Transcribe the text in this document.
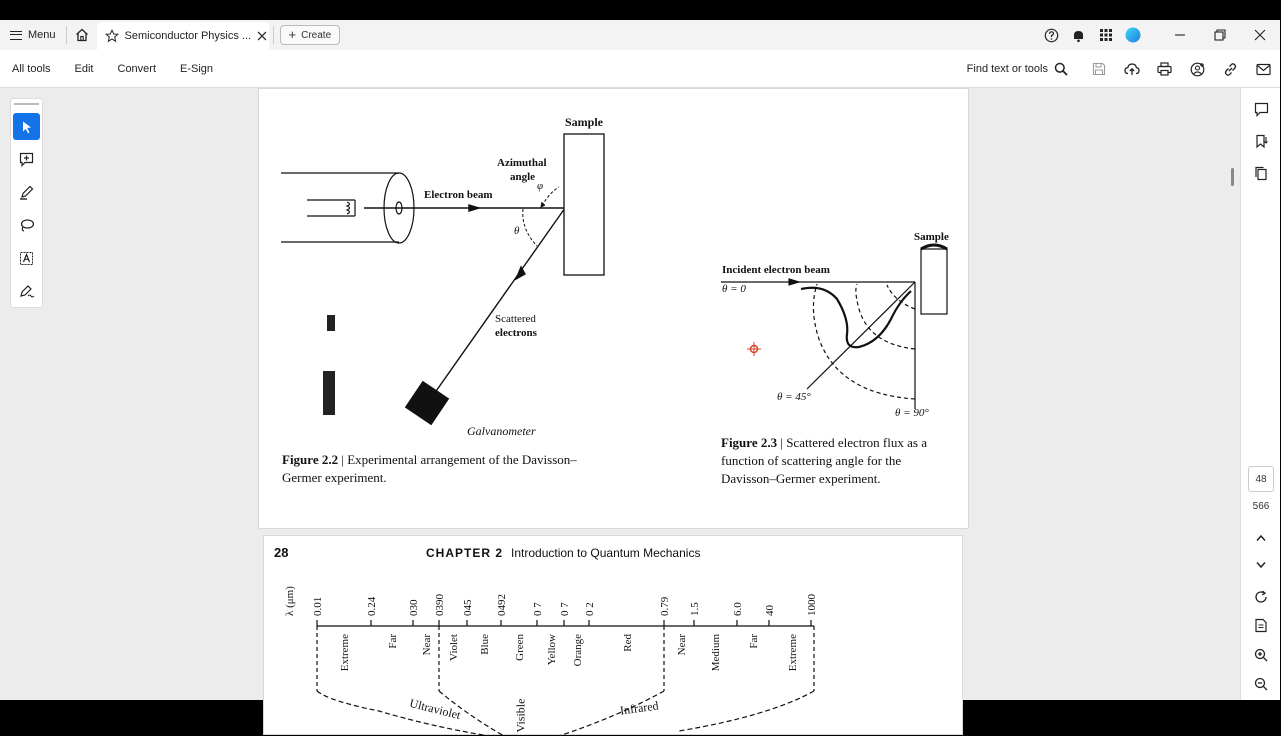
Menu	Semiconductor Physics ...	+ Create
All tools	Edit	Convert	E-Sign	Find text or tools
Sample
Azimuthal
angle
φ
Electron beam
θ
Scattered
electrons
Galvanometer
Figure 2.2 | Experimental arrangement of the Davisson–Germer experiment.
Sample
Incident electron beam
θ = 0
θ = 45°
θ = 90°
Figure 2.3 | Scattered electron flux as a function of scattering angle for the Davisson–Germer experiment.
28	CHAPTER 2 Introduction to Quantum Mechanics
0.01	0.24	030 0390 045 0492 0 7 0 7 0 2	0.79 1.5	6.0 40	1000
Extreme	Far Near Violet Blue Green Yellow Orange	Red	Near Medium Far Extreme
λ (μm)
Ultraviolet	Visible	Infrared
48
566
